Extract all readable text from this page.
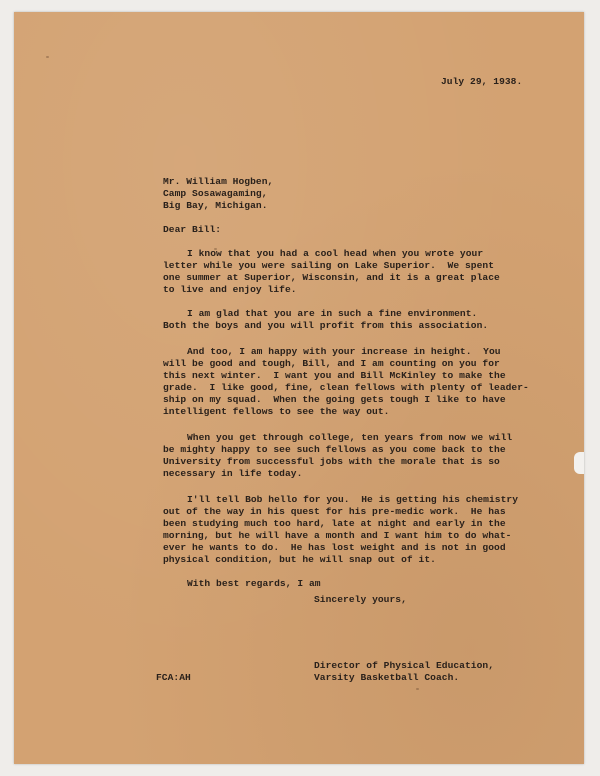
July 29, 1938.
Mr. William Hogben,
Camp Sosawagaming,
Big Bay, Michigan.
Dear Bill:
I know that you had a cool head when you wrote your
letter while you were sailing on Lake Superior.  We spent
one summer at Superior, Wisconsin, and it is a great place
to live and enjoy life.
I am glad that you are in such a fine environment.
Both the boys and you will profit from this association.
And too, I am happy with your increase in height.  You
will be good and tough, Bill, and I am counting on you for
this next winter.  I want you and Bill McKinley to make the
grade.  I like good, fine, clean fellows with plenty of leader-
ship on my squad.  When the going gets tough I like to have
intelligent fellows to see the way out.
When you get through college, ten years from now we will
be mighty happy to see such fellows as you come back to the
University from successful jobs with the morale that is so
necessary in life today.
I'll tell Bob hello for you.  He is getting his chemistry
out of the way in his quest for his pre-medic work.  He has
been studying much too hard, late at night and early in the
morning, but he will have a month and I want him to do what-
ever he wants to do.  He has lost weight and is not in good
physical condition, but he will snap out of it.
With best regards, I am
Sincerely yours,
Director of Physical Education,
Varsity Basketball Coach.
FCA:AH
